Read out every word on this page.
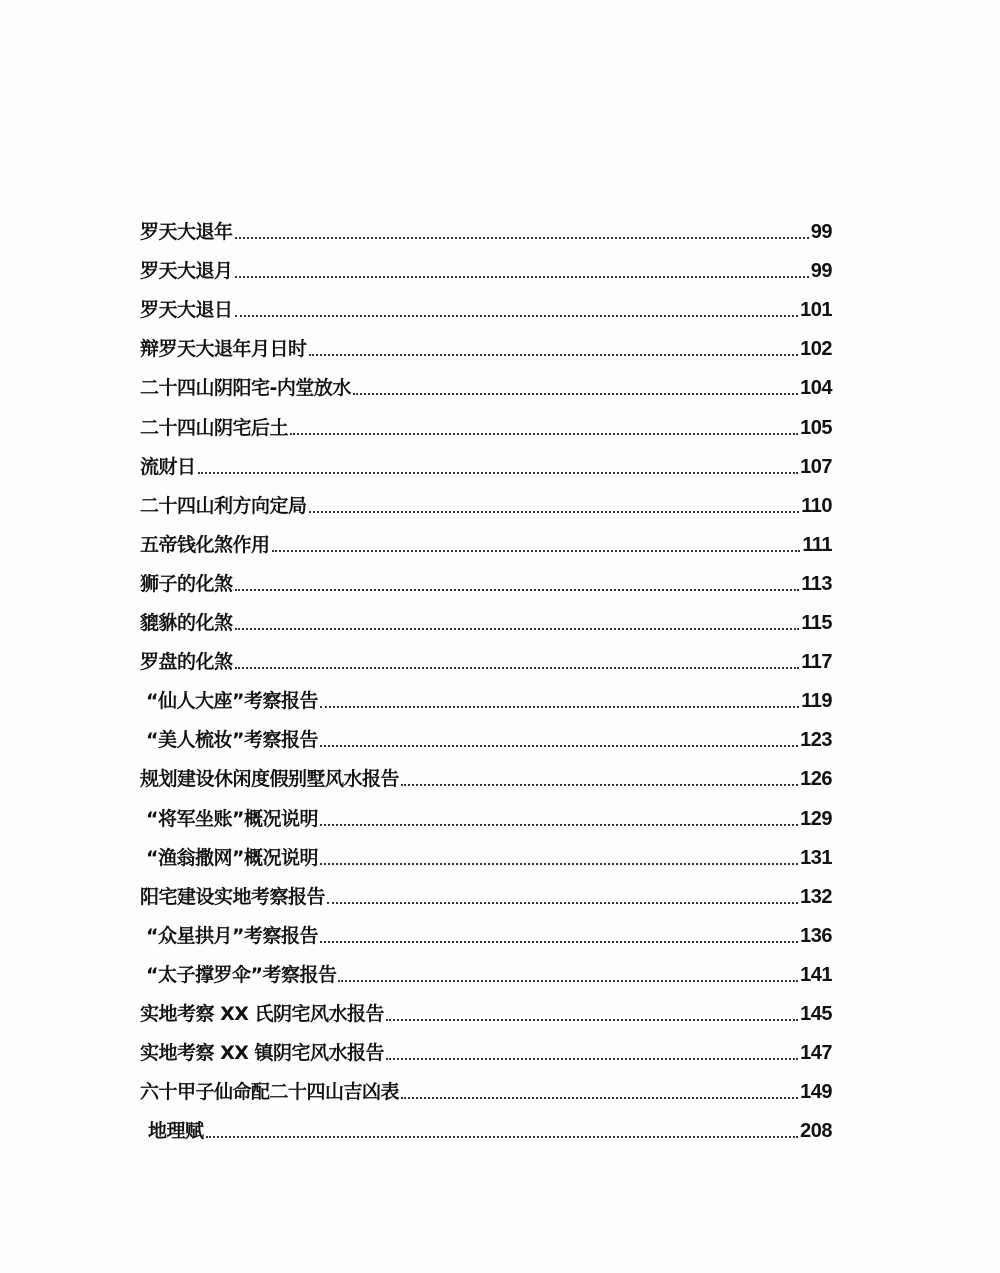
罗天大退年	99
罗天大退月	99
罗天大退日	101
辩罗天大退年月日时	102
二十四山阴阳宅-内堂放水	104
二十四山阴宅后土	105
流财日	107
二十四山利方向定局	110
五帝钱化煞作用	111
狮子的化煞	113
貔貅的化煞	115
罗盘的化煞	117
“仙人大座”考察报告	119
“美人梳妆”考察报告	123
规划建设休闲度假别墅风水报告	126
“将军坐账”概况说明	129
“渔翁撒网”概况说明	131
阳宅建设实地考察报告	132
“众星拱月”考察报告	136
“太子撑罗伞”考察报告	141
实地考察 XX 氏阴宅风水报告	145
实地考察 XX 镇阴宅风水报告	147
六十甲子仙命配二十四山吉凶表	149
地理赋	208
